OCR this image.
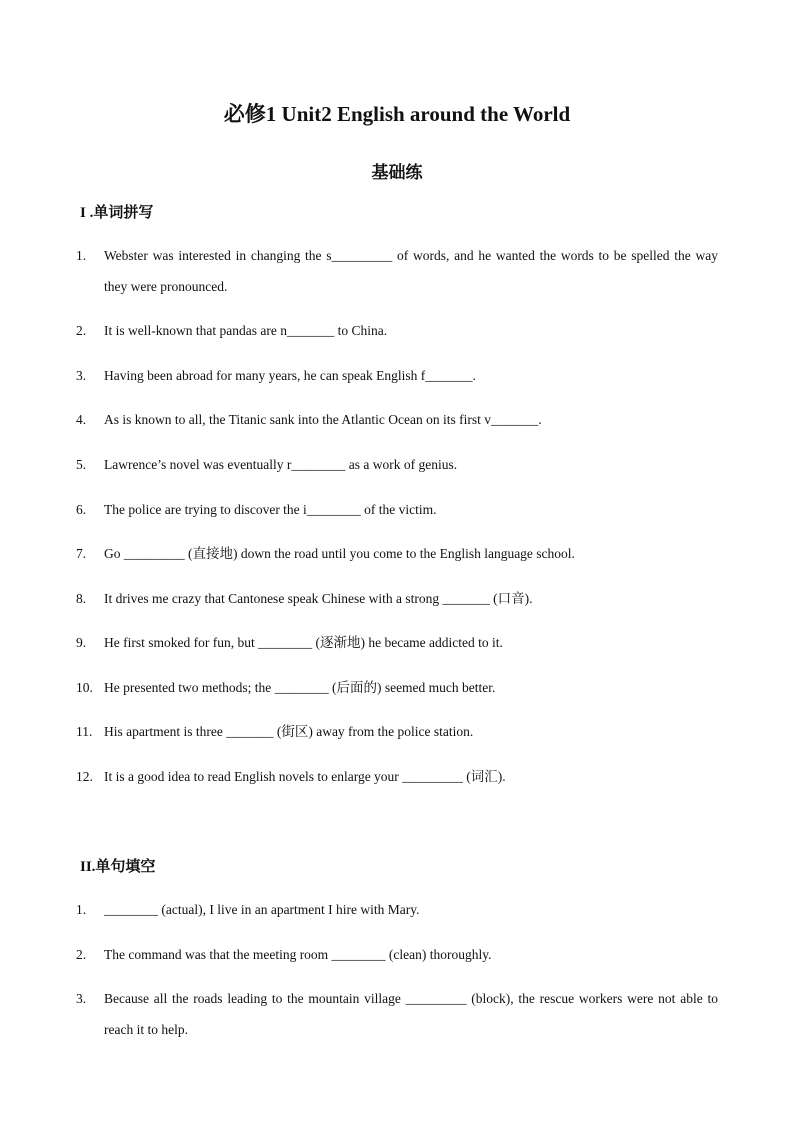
必修1 Unit2 English around the World
基础练
I .单词拼写
1. Webster was interested in changing the s_________ of words, and he wanted the words to be spelled the way they were pronounced.
2. It is well-known that pandas are n_______ to China.
3. Having been abroad for many years, he can speak English f_______.
4. As is known to all, the Titanic sank into the Atlantic Ocean on its first v_______.
5. Lawrence’s novel was eventually r________ as a work of genius.
6. The police are trying to discover the i________ of the victim.
7. Go _________ (直接地) down the road until you come to the English language school.
8. It drives me crazy that Cantonese speak Chinese with a strong _______ (口音).
9. He first smoked for fun, but ________ (逐渐地) he became addicted to it.
10. He presented two methods; the ________ (后面的) seemed much better.
11. His apartment is three _______ (街区) away from the police station.
12. It is a good idea to read English novels to enlarge your _________ (词汇).
II.单句填空
1. ________ (actual), I live in an apartment I hire with Mary.
2. The command was that the meeting room ________ (clean) thoroughly.
3. Because all the roads leading to the mountain village _________ (block), the rescue workers were not able to reach it to help.
